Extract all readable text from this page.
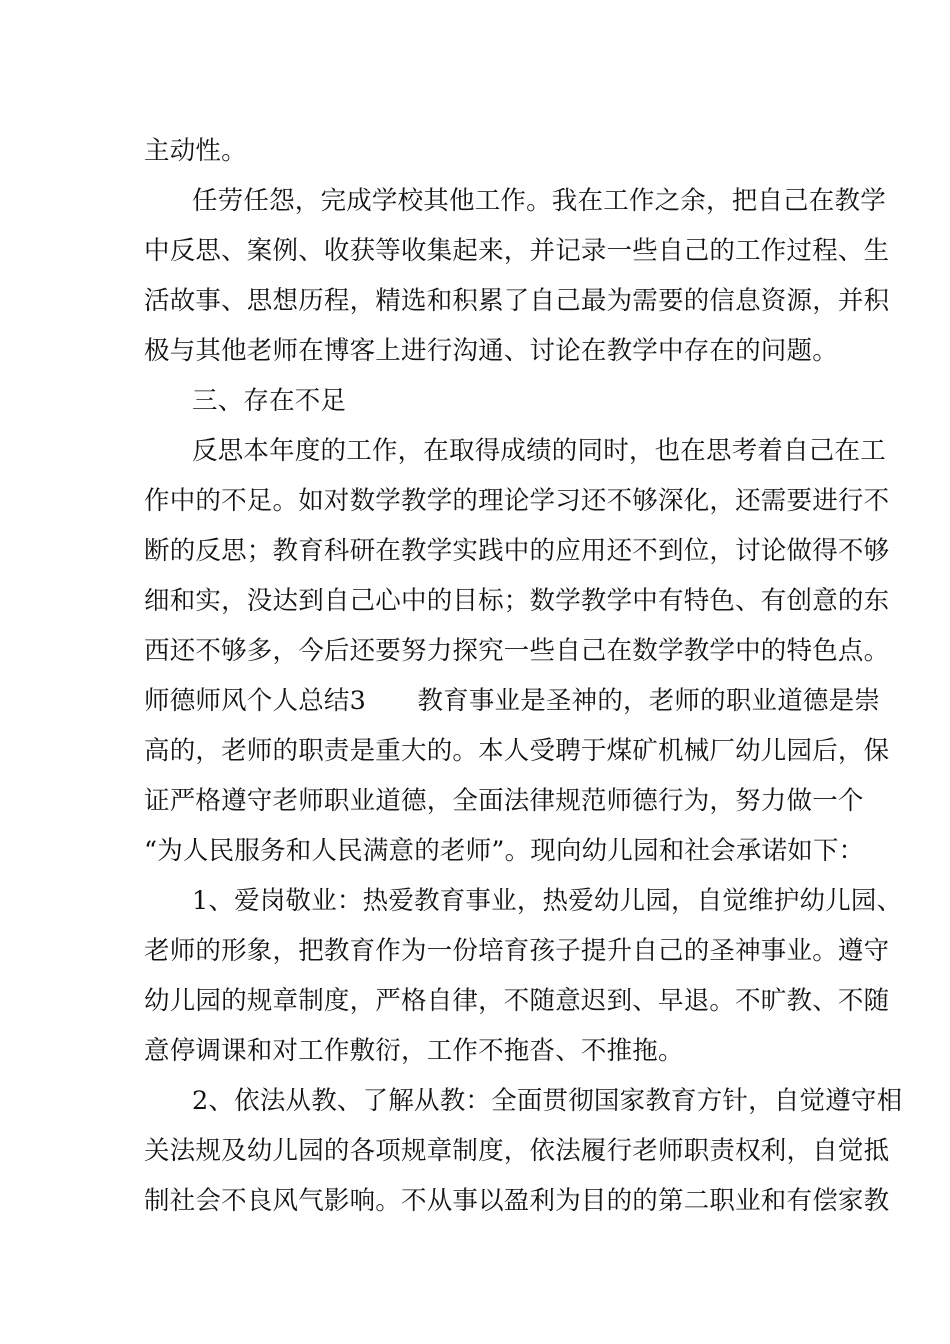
主动性。
任劳任怨，完成学校其他工作。我在工作之余，把自己在教学
中反思、案例、收获等收集起来，并记录一些自己的工作过程、生
活故事、思想历程，精选和积累了自己最为需要的信息资源，并积
极与其他老师在博客上进行沟通、讨论在教学中存在的问题。
三、存在不足
反思本年度的工作，在取得成绩的同时，也在思考着自己在工
作中的不足。如对数学教学的理论学习还不够深化，还需要进行不
断的反思；教育科研在教学实践中的应用还不到位，讨论做得不够
细和实，没达到自己心中的目标；数学教学中有特色、有创意的东
西还不够多，今后还要努力探究一些自己在数学教学中的特色点。
师德师风个人总结3　　教育事业是圣神的，老师的职业道德是崇
高的，老师的职责是重大的。本人受聘于煤矿机械厂幼儿园后，保
证严格遵守老师职业道德，全面法律规范师德行为，努力做一个
“为人民服务和人民满意的老师”。现向幼儿园和社会承诺如下：
1、爱岗敬业：热爱教育事业，热爱幼儿园，自觉维护幼儿园、
老师的形象，把教育作为一份培育孩子提升自己的圣神事业。遵守
幼儿园的规章制度，严格自律，不随意迟到、早退。不旷教、不随
意停调课和对工作敷衍，工作不拖沓、不推拖。
2、依法从教、了解从教：全面贯彻国家教育方针，自觉遵守相
关法规及幼儿园的各项规章制度，依法履行老师职责权利，自觉抵
制社会不良风气影响。不从事以盈利为目的的第二职业和有偿家教
